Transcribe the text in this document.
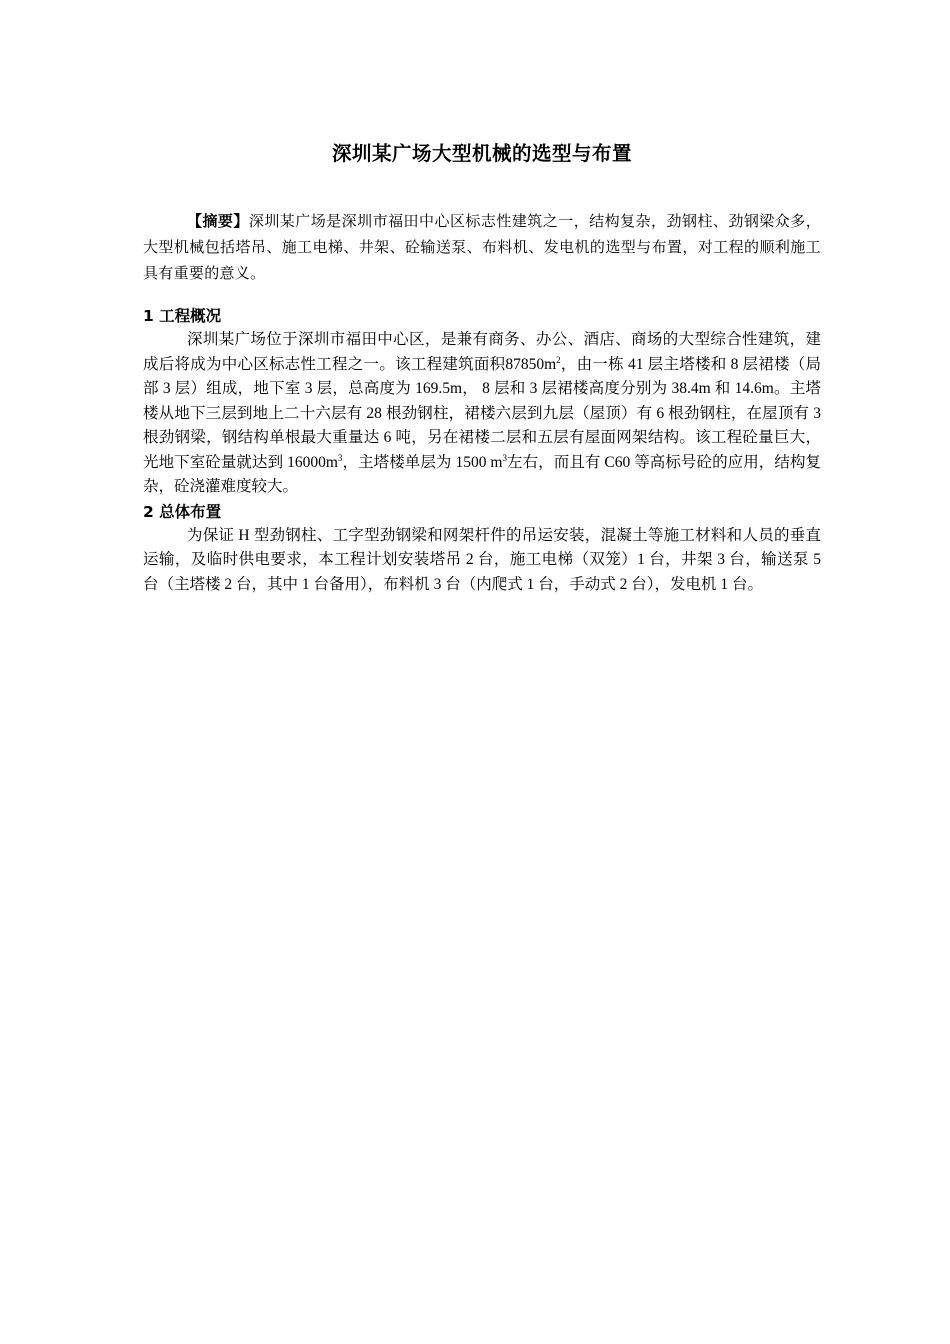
深圳某广场大型机械的选型与布置

【摘要】深圳某广场是深圳市福田中心区标志性建筑之一，结构复杂，劲钢柱、劲钢梁众多，大型机械包括塔吊、施工电梯、井架、砼输送泵、布料机、发电机的选型与布置，对工程的顺利施工具有重要的意义。

1 工程概况

深圳某广场位于深圳市福田中心区，是兼有商务、办公、酒店、商场的大型综合性建筑，建成后将成为中心区标志性工程之一。该工程建筑面积$87850m^2$，由一栋 41 层主塔楼和 8 层裙楼（局部 3 层）组成，地下室 3 层，总高度为 169.5m， 8 层和 3 层裙楼高度分别为 38.4m 和 14.6m。主塔楼从地下三层到地上二十六层有 28 根劲钢柱，裙楼六层到九层（屋顶）有 6 根劲钢柱，在屋顶有 3 根劲钢梁，钢结构单根最大重量达 6 吨，另在裙楼二层和五层有屋面网架结构。该工程砼量巨大，光地下室砼量就达到 $16000m^3$，主塔楼单层为 1500 $m^3$左右，而且有 C60 等高标号砼的应用，结构复杂，砼浇灌难度较大。

2 总体布置

为保证 H 型劲钢柱、工字型劲钢梁和网架杆件的吊运安装，混凝土等施工材料和人员的垂直运输，及临时供电要求，本工程计划安装塔吊 2 台，施工电梯（双笼）1 台，井架 3 台，输送泵 5 台（主塔楼 2 台，其中 1 台备用），布料机 3 台（内爬式 1 台，手动式 2 台），发电机 1 台。
